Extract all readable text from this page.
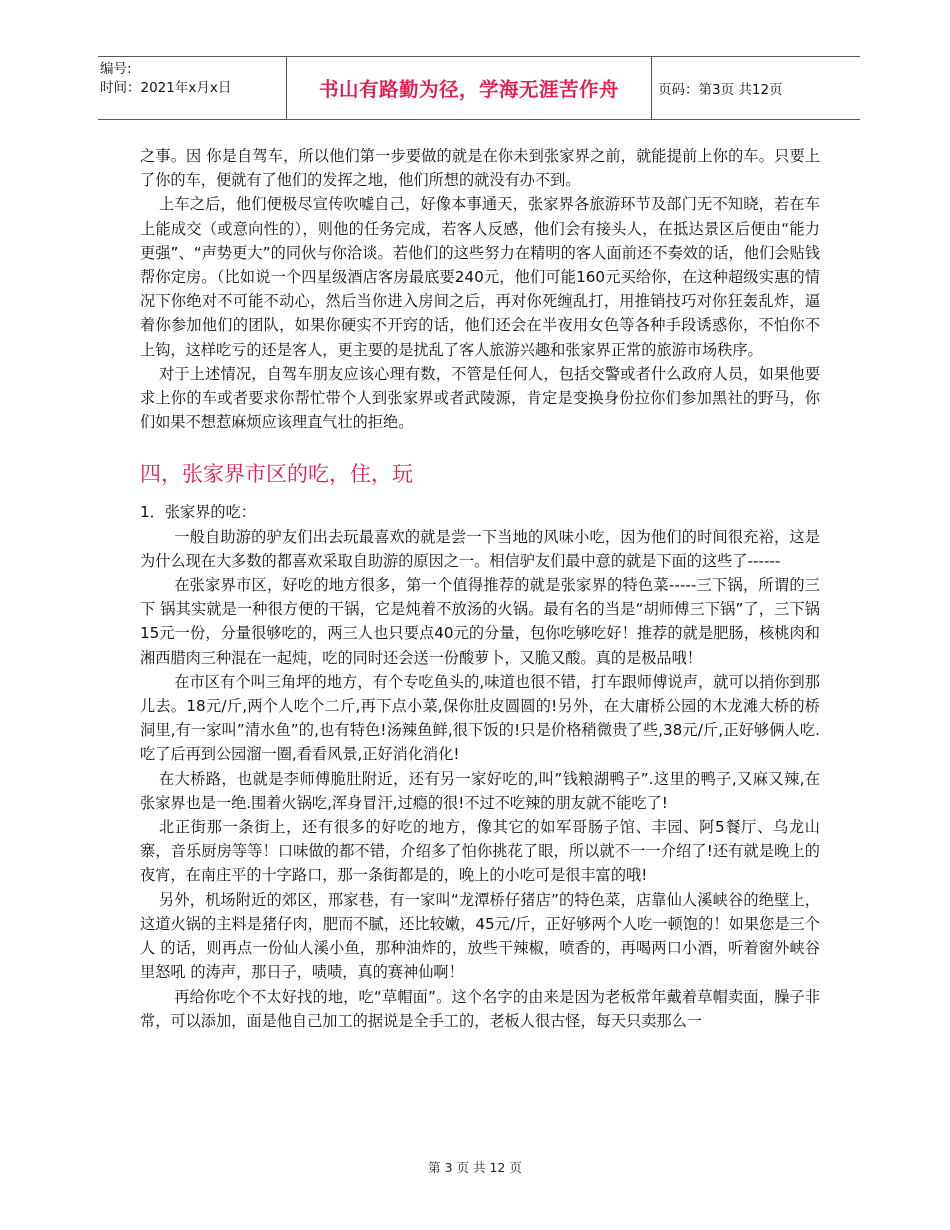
编号:
时间：2021年x月x日	书山有路勤为径，学海无涯苦作舟	页码：第3页 共12页

之事。因 你是自驾车，所以他们第一步要做的就是在你未到张家界之前，就能提前上你的车。只要上了你的车，便就有了他们的发挥之地，他们所想的就没有办不到。

上车之后，他们便极尽宣传吹嘘自己，好像本事通天，张家界各旅游环节及部门无不知晓，若在车上能成交（或意向性的），则他的任务完成，若客人反感，他们会有接头人，在抵达景区后便由“能力更强”、“声势更大”的同伙与你洽谈。若他们的这些努力在精明的客人面前还不奏效的话，他们会贴钱帮你定房。（比如说一个四星级酒店客房最底要240元，他们可能160元买给你，在这种超级实惠的情况下你绝对不可能不动心，然后当你进入房间之后，再对你死缠乱打，用推销技巧对你狂轰乱炸，逼着你参加他们的团队，如果你硬实不开窍的话，他们还会在半夜用女色等各种手段诱惑你，不怕你不上钩，这样吃亏的还是客人，更主要的是扰乱了客人旅游兴趣和张家界正常的旅游市场秩序。

对于上述情况，自驾车朋友应该心理有数，不管是任何人，包括交警或者什么政府人员，如果他要求上你的车或者要求你帮忙带个人到张家界或者武陵源，肯定是变换身份拉你们参加黑社的野马，你们如果不想惹麻烦应该理直气壮的拒绝。

四，张家界市区的吃，住，玩

1．张家界的吃：

一般自助游的驴友们出去玩最喜欢的就是尝一下当地的风味小吃，因为他们的时间很充裕，这是为什么现在大多数的都喜欢采取自助游的原因之一。相信驴友们最中意的就是下面的这些了------

在张家界市区，好吃的地方很多，第一个值得推荐的就是张家界的特色菜-----三下锅，所谓的三下 锅其实就是一种很方便的干锅，它是炖着不放汤的火锅。最有名的当是“胡师傅三下锅”了，三下锅15元一份，分量很够吃的，两三人也只要点40元的分量，包你吃够吃好！推荐的就是肥肠，核桃肉和湘西腊肉三种混在一起炖，吃的同时还会送一份酸萝卜，又脆又酸。真的是极品哦！

在市区有个叫三角坪的地方，有个专吃鱼头的,味道也很不错，打车跟师傅说声，就可以捎你到那儿去。18元/斤,两个人吃个二斤,再下点小菜,保你肚皮圆圆的!另外，在大庸桥公园的木龙滩大桥的桥洞里,有一家叫”清水鱼”的,也有特色!汤辣鱼鲜,很下饭的!只是价格稍微贵了些,38元/斤,正好够俩人吃.吃了后再到公园溜一圈,看看风景,正好消化消化!

在大桥路，也就是李师傅脆肚附近，还有另一家好吃的,叫”钱粮湖鸭子”.这里的鸭子,又麻又辣,在 张家界也是一绝.围着火锅吃,浑身冒汗,过瘾的很!不过不吃辣的朋友就不能吃了!

北正街那一条街上，还有很多的好吃的地方，像其它的如军哥肠子馆、丰园、阿5餐厅、乌龙山寨，音乐厨房等等！口味做的都不错，介绍多了怕你挑花了眼，所以就不一一介绍了!还有就是晚上的夜宵，在南庄平的十字路口，那一条街都是的，晚上的小吃可是很丰富的哦!

另外，机场附近的郊区，邢家巷，有一家叫“龙潭桥仔猪店”的特色菜，店靠仙人溪峡谷的绝壁上，这道火锅的主料是猪仔肉，肥而不腻，还比较嫩，45元/斤，正好够两个人吃一顿饱的！如果您是三个人 的话，则再点一份仙人溪小鱼，那种油炸的，放些干辣椒，喷香的，再喝两口小酒，听着窗外峡谷里怒吼 的涛声，那日子，啧啧，真的赛神仙啊！

再给你吃个不太好找的地，吃“草帽面”。这个名字的由来是因为老板常年戴着草帽卖面，臊子非常，可以添加，面是他自己加工的据说是全手工的，老板人很古怪，每天只卖那么一

第 3 页 共 12 页
